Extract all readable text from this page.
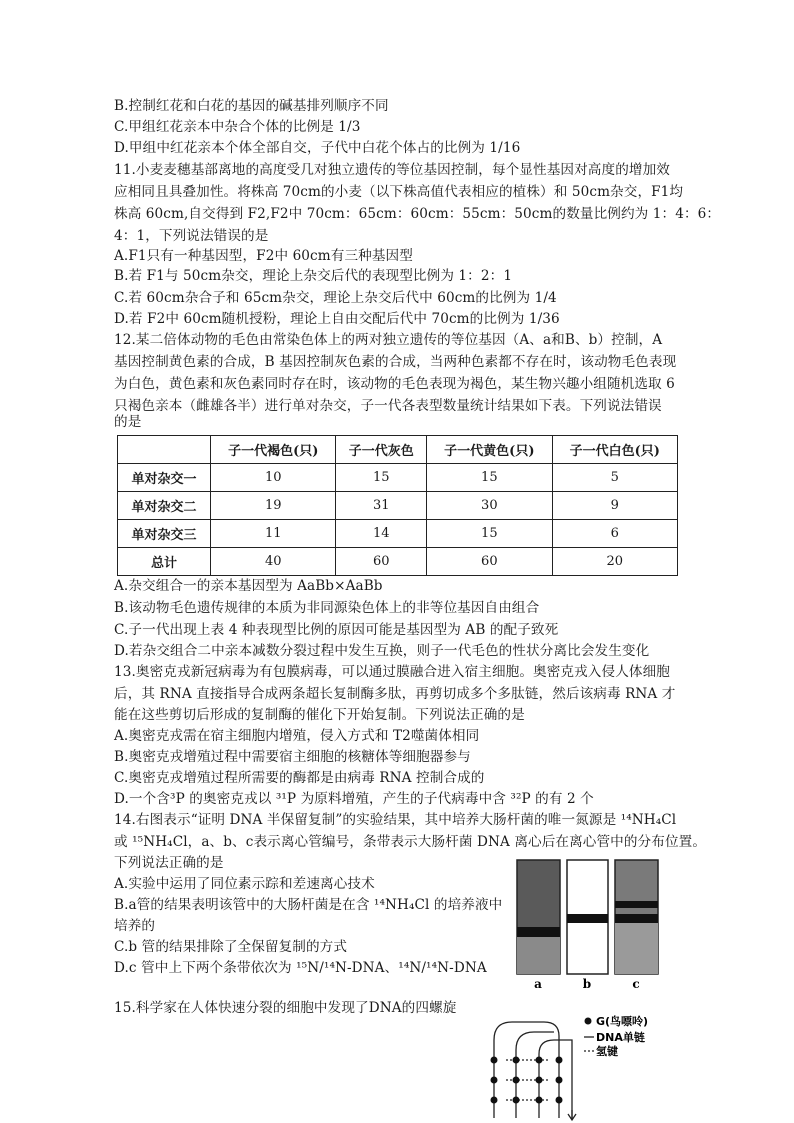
B.控制红花和白花的基因的碱基排列顺序不同
C.甲组红花亲本中杂合个体的比例是 1/3
D.甲组中红花亲本个体全部自交，子代中白花个体占的比例为 1/16
11.小麦麦穗基部离地的高度受几对独立遗传的等位基因控制，每个显性基因对高度的增加效
应相同且具叠加性。将株高 70cm的小麦（以下株高值代表相应的植株）和 50cm杂交，F1均
株高 60cm,自交得到 F2,F2中 70cm：65cm：60cm：55cm：50cm的数量比例约为 1：4：6：
4：1，下列说法错误的是
A.F1只有一种基因型，F2中 60cm有三种基因型
B.若 F1与 50cm杂交，理论上杂交后代的表现型比例为 1：2：1
C.若 60cm杂合子和 65cm杂交，理论上杂交后代中 60cm的比例为 1/4
D.若 F2中 60cm随机授粉，理论上自由交配后代中 70cm的比例为 1/36
12.某二倍体动物的毛色由常染色体上的两对独立遗传的等位基因（A、a和B、b）控制，A
基因控制黄色素的合成，B 基因控制灰色素的合成，当两种色素都不存在时，该动物毛色表现
为白色，黄色素和灰色素同时存在时，该动物的毛色表现为褐色，某生物兴趣小组随机选取 6
只褐色亲本（雌雄各半）进行单对杂交，子一代各表型数量统计结果如下表。下列说法错误
的是
	子一代褐色(只)	子一代灰色	子一代黄色(只)	子一代白色(只)
单对杂交一	10	15	15	5
单对杂交二	19	31	30	9
单对杂交三	11	14	15	6
总计	40	60	60	20
A.杂交组合一的亲本基因型为 AaBb×AaBb
B.该动物毛色遗传规律的本质为非同源染色体上的非等位基因自由组合
C.子一代出现上表 4 种表现型比例的原因可能是基因型为 AB 的配子致死
D.若杂交组合二中亲本减数分裂过程中发生互换，则子一代毛色的性状分离比会发生变化
13.奥密克戎新冠病毒为有包膜病毒，可以通过膜融合进入宿主细胞。奥密克戎入侵人体细胞
后，其 RNA 直接指导合成两条超长复制酶多肽，再剪切成多个多肽链，然后该病毒 RNA 才
能在这些剪切后形成的复制酶的催化下开始复制。下列说法正确的是
A.奥密克戎需在宿主细胞内增殖，侵入方式和 T2噬菌体相同
B.奥密克戎增殖过程中需要宿主细胞的核糖体等细胞器参与
C.奥密克戎增殖过程所需要的酶都是由病毒 RNA 控制合成的
D.一个含³P 的奥密克戎以 ³¹P 为原料增殖，产生的子代病毒中含 ³²P 的有 2 个
14.右图表示“证明 DNA 半保留复制”的实验结果，其中培养大肠杆菌的唯一氮源是 ¹⁴NH₄Cl
或 ¹⁵NH₄Cl，a、b、c表示离心管编号，条带表示大肠杆菌 DNA 离心后在离心管中的分布位置。
下列说法正确的是
A.实验中运用了同位素示踪和差速离心技术
B.a管的结果表明该管中的大肠杆菌是在含 ¹⁴NH₄Cl 的培养液中
培养的
C.b 管的结果排除了全保留复制的方式
D.c 管中上下两个条带依次为 ¹⁵N/¹⁴N-DNA、¹⁴N/¹⁴N-DNA
15.科学家在人体快速分裂的细胞中发现了DNA的四螺旋
a	b	c
G(鸟嘌呤)
DNA单链
氢键
